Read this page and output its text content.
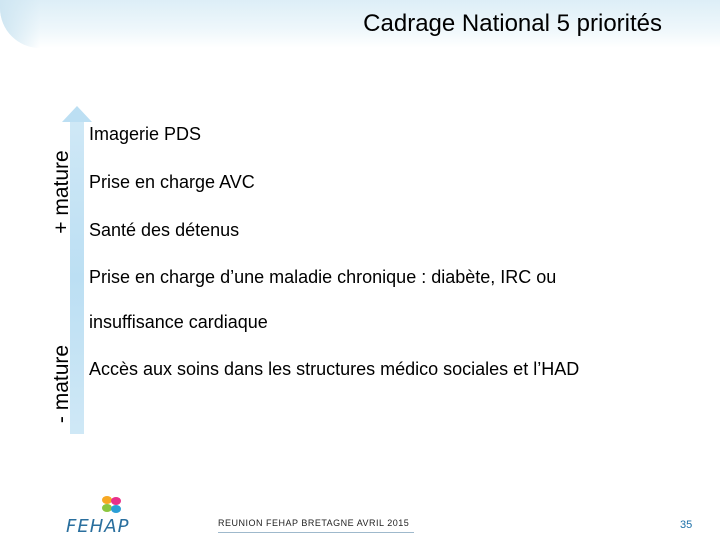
Cadrage National 5 priorités
+ mature
- mature
Imagerie PDS
Prise en charge AVC
Santé des détenus
Prise en charge d’une maladie chronique : diabète, IRC ou
insuffisance cardiaque
Accès aux soins dans les structures médico sociales et l’HAD
FEHAP	REUNION FEHAP BRETAGNE AVRIL 2015	35
